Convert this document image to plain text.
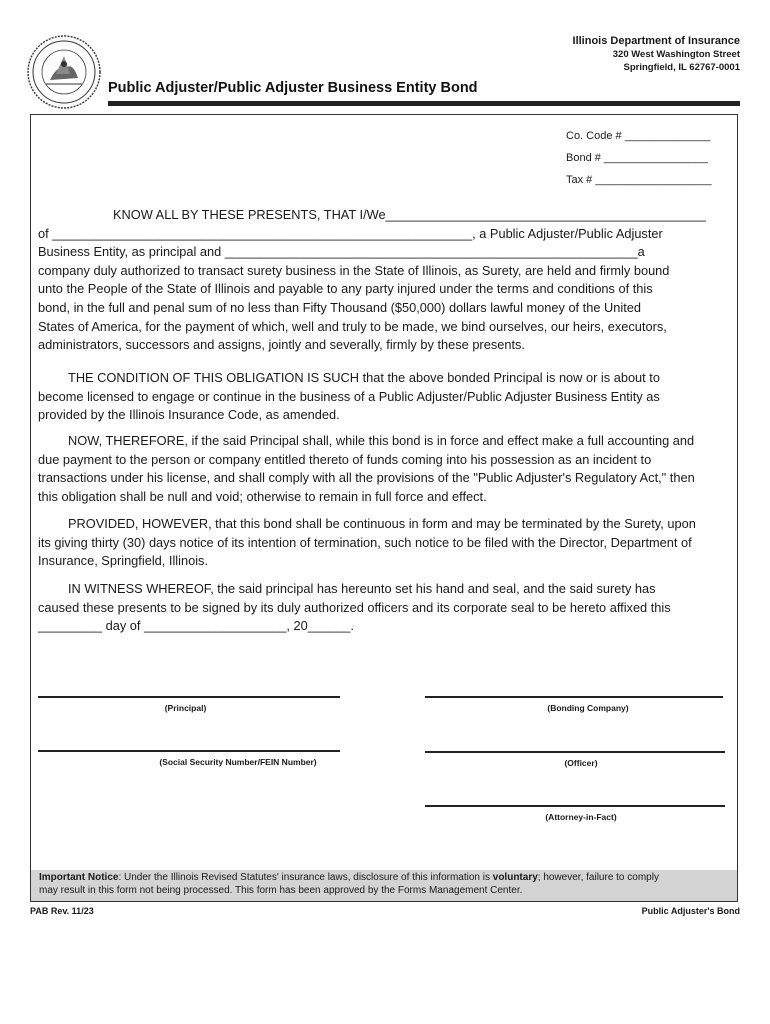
Illinois Department of Insurance
320 West Washington Street
Springfield, IL 62767-0001
Public Adjuster/Public Adjuster Business Entity Bond
Co. Code # ______________
Bond # _________________
Tax # ___________________
KNOW ALL BY THESE PRESENTS, THAT I/We_____________________________________________
of ___________________________________________________________, a Public Adjuster/Public Adjuster
Business Entity, as principal and __________________________________________________________a
company duly authorized to transact surety business in the State of Illinois, as Surety, are held and firmly bound
unto the People of the State of Illinois and payable to any party injured under the terms and conditions of this
bond, in the full and penal sum of no less than Fifty Thousand ($50,000) dollars lawful money of the United
States of America, for the payment of which, well and truly to be made, we bind ourselves, our heirs, executors,
administrators, successors and assigns, jointly and severally, firmly by these presents.
THE CONDITION OF THIS OBLIGATION IS SUCH that the above bonded Principal is now or is about to
become licensed to engage or continue in the business of a Public Adjuster/Public Adjuster Business Entity as
provided by the Illinois Insurance Code, as amended.
NOW, THEREFORE, if the said Principal shall, while this bond is in force and effect make a full accounting and
due payment to the person or company entitled thereto of funds coming into his possession as an incident to
transactions under his license, and shall comply with all the provisions of the "Public Adjuster's Regulatory Act," then
this obligation shall be null and void; otherwise to remain in full force and effect.
PROVIDED, HOWEVER, that this bond shall be continuous in form and may be terminated by the Surety, upon
its giving thirty (30) days notice of its intention of termination, such notice to be filed with the Director, Department of
Insurance, Springfield, Illinois.
IN WITNESS WHEREOF, the said principal has hereunto set his hand and seal, and the said surety has
caused these presents to be signed by its duly authorized officers and its corporate seal to be hereto affixed this
_________ day of ____________________, 20______.
(Principal)	(Bonding Company)
(Social Security Number/FEIN Number)	(Officer)
(Attorney-in-Fact)
Important Notice: Under the Illinois Revised Statutes' insurance laws, disclosure of this information is voluntary; however, failure to comply
may result in this form not being processed. This form has been approved by the Forms Management Center.
PAB Rev. 11/23	Public Adjuster's Bond
